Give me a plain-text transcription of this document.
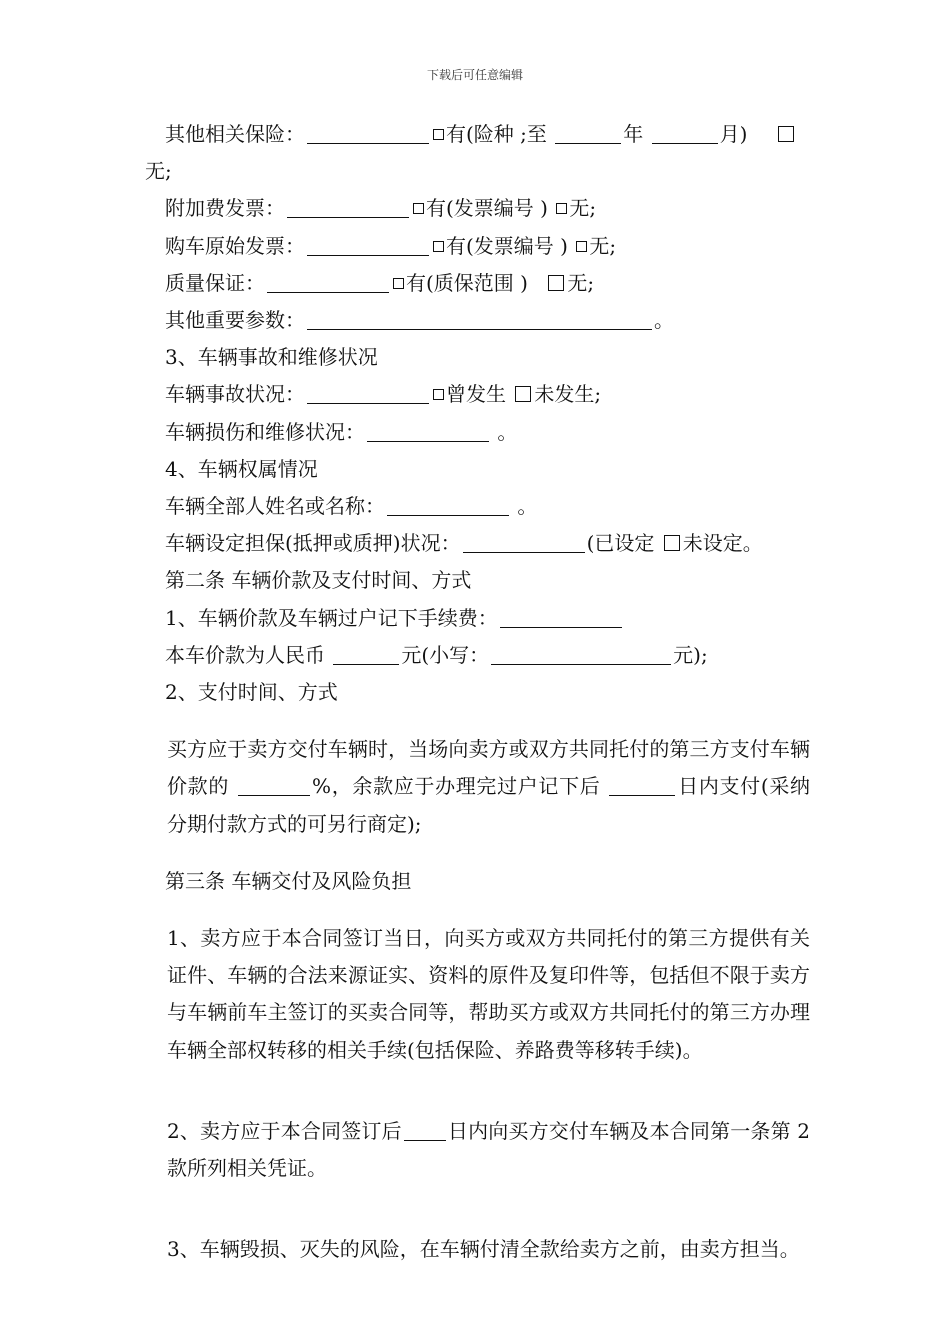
下载后可任意编辑

其他相关保险：	有(险种 ;至	年	月)

无;

附加费发票：	有(发票编号 ) 无;

购车原始发票：	有(发票编号 ) 无;

质量保证：	有(质保范围 ) 无;

其他重要参数：	。

3、车辆事故和维修状况

车辆事故状况：	曾发生 未发生;

车辆损伤和维修状况：	。

4、车辆权属情况

车辆全部人姓名或名称：	。

车辆设定担保(抵押或质押)状况：	(已设定 未设定。

第二条 车辆价款及支付时间、方式

1、车辆价款及车辆过户记下手续费：

本车价款为人民币	元(小写：	元);

2、支付时间、方式

买方应于卖方交付车辆时，当场向卖方或双方共同托付的第三方支付车辆价款的	%，余款应于办理完过户记下后	日内支付(采纳分期付款方式的可另行商定);

第三条 车辆交付及风险负担

1、卖方应于本合同签订当日，向买方或双方共同托付的第三方提供有关证件、车辆的合法来源证实、资料的原件及复印件等，包括但不限于卖方与车辆前车主签订的买卖合同等，帮助买方或双方共同托付的第三方办理车辆全部权转移的相关手续(包括保险、养路费等移转手续)。

2、卖方应于本合同签订后 日内向买方交付车辆及本合同第一条第 2 款所列相关凭证。

3、车辆毁损、灭失的风险，在车辆付清全款给卖方之前，由卖方担当。
